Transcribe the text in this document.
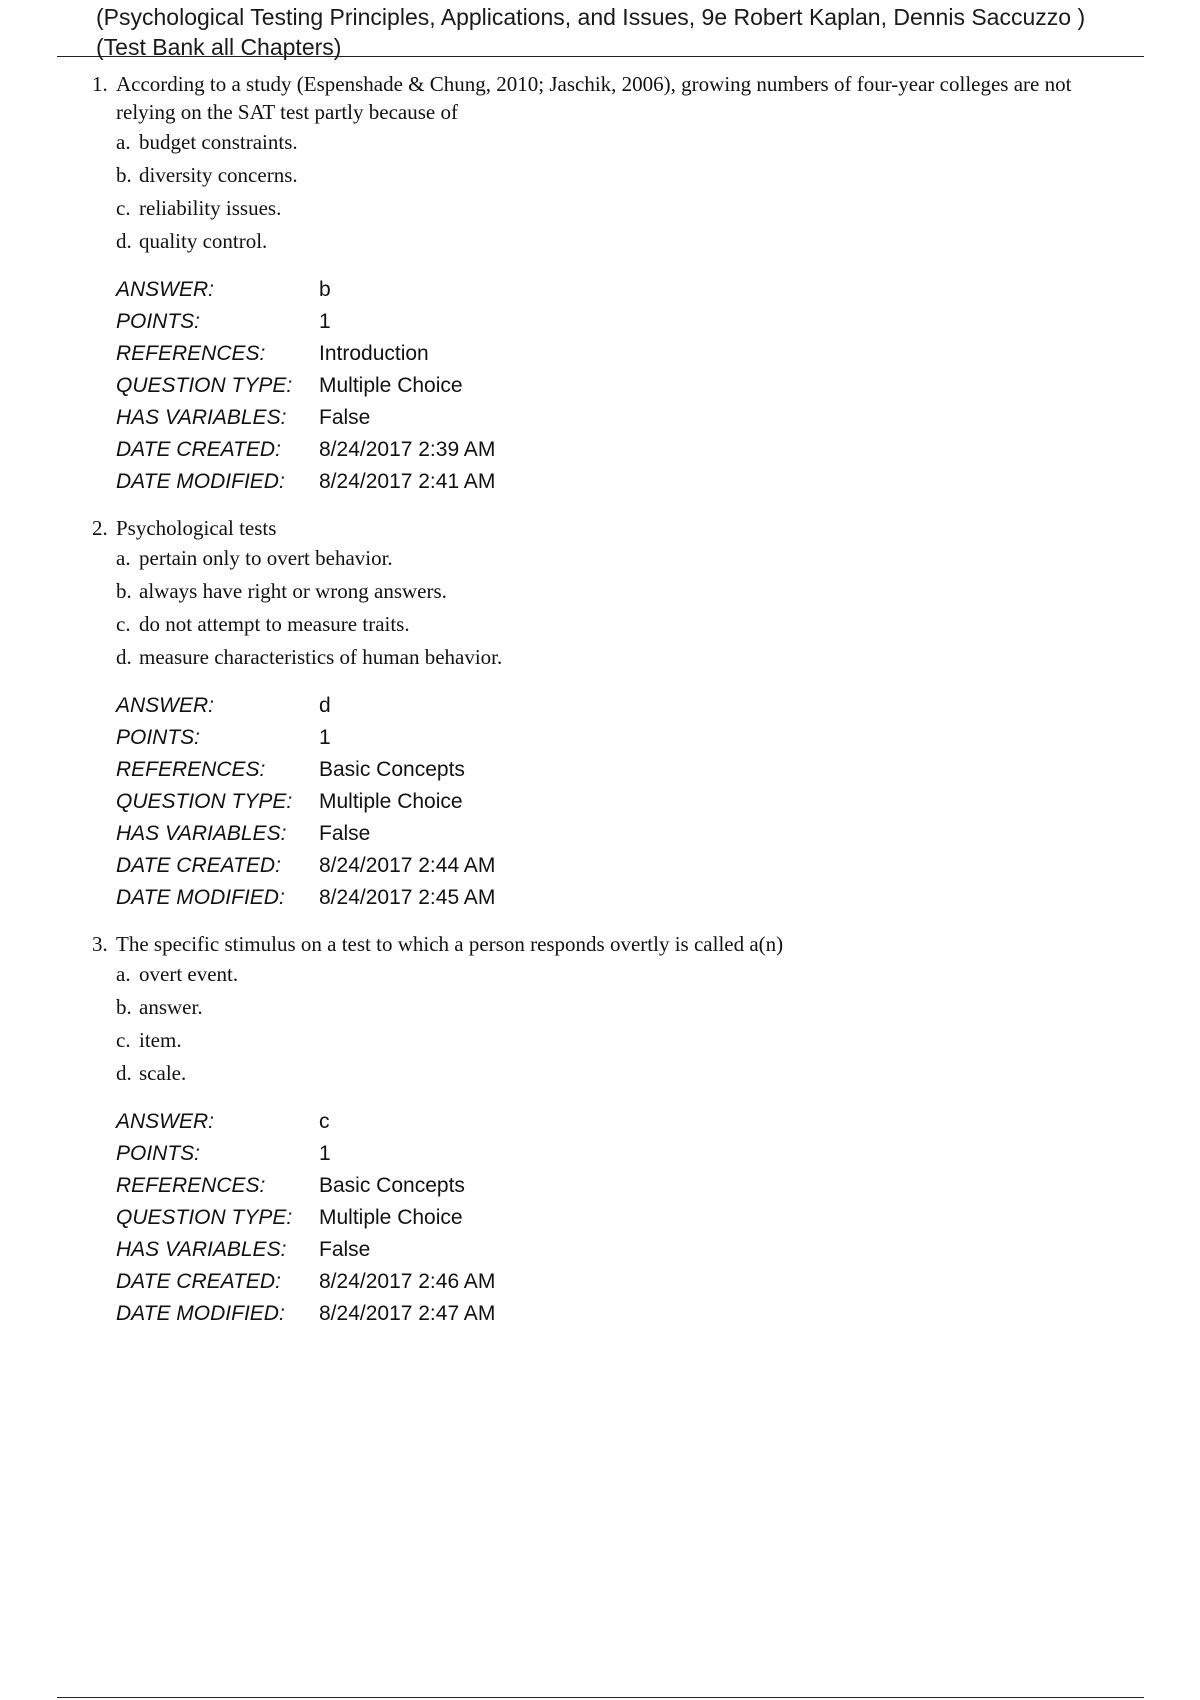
(Psychological Testing Principles, Applications, and Issues, 9e Robert Kaplan, Dennis Saccuzzo )
(Test Bank all Chapters)
1. According to a study (Espenshade & Chung, 2010; Jaschik, 2006), growing numbers of four-year colleges are not relying on the SAT test partly because of
a. budget constraints.
b. diversity concerns.
c. reliability issues.
d. quality control.
ANSWER:	b
POINTS:	1
REFERENCES:	Introduction
QUESTION TYPE:	Multiple Choice
HAS VARIABLES:	False
DATE CREATED:	8/24/2017 2:39 AM
DATE MODIFIED:	8/24/2017 2:41 AM
2. Psychological tests
a. pertain only to overt behavior.
b. always have right or wrong answers.
c. do not attempt to measure traits.
d. measure characteristics of human behavior.
ANSWER:	d
POINTS:	1
REFERENCES:	Basic Concepts
QUESTION TYPE:	Multiple Choice
HAS VARIABLES:	False
DATE CREATED:	8/24/2017 2:44 AM
DATE MODIFIED:	8/24/2017 2:45 AM
3. The specific stimulus on a test to which a person responds overtly is called a(n)
a. overt event.
b. answer.
c. item.
d. scale.
ANSWER:	c
POINTS:	1
REFERENCES:	Basic Concepts
QUESTION TYPE:	Multiple Choice
HAS VARIABLES:	False
DATE CREATED:	8/24/2017 2:46 AM
DATE MODIFIED:	8/24/2017 2:47 AM
